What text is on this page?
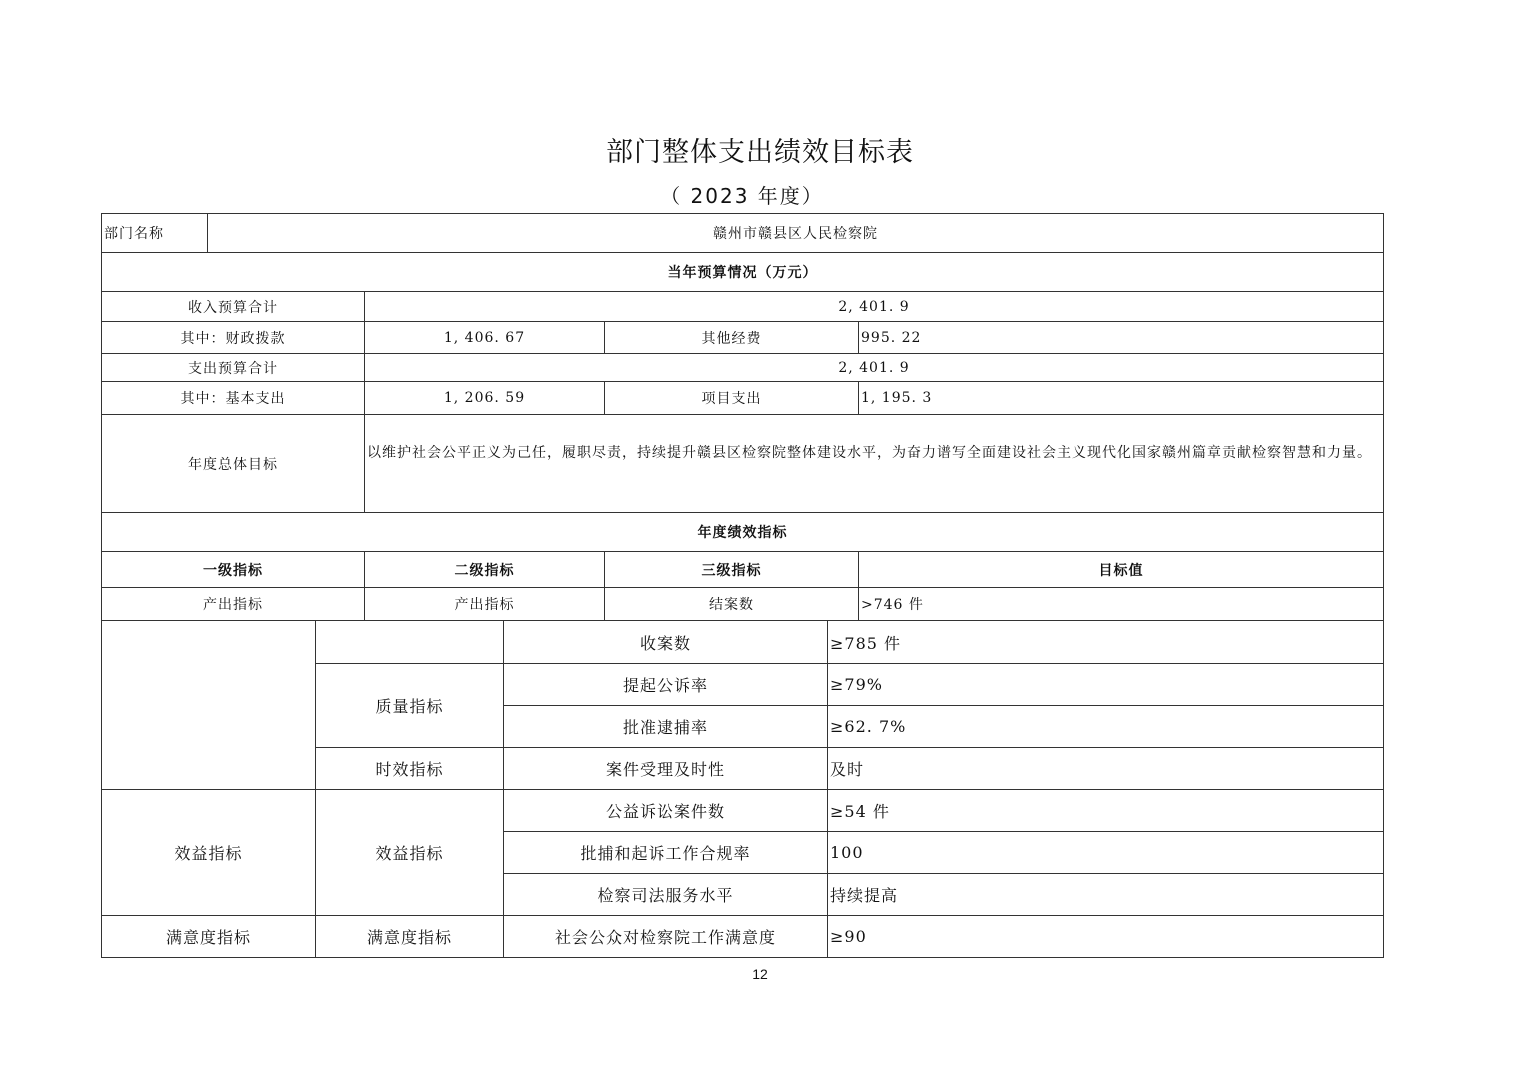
部门整体支出绩效目标表
（ 2023 年度）
部门名称	赣州市赣县区人民检察院			
当年预算情况（万元）				
收入预算合计		2, 401. 9		
其中：财政拨款		1, 406. 67	其他经费	995. 22
支出预算合计		2, 401. 9		
其中：基本支出		1, 206. 59	项目支出	1, 195. 3
年度总体目标		以维护社会公平正义为己任，履职尽责，持续提升赣县区检察院整体建设水平，为奋力谱写全面建设社会主义现代化国家赣州篇章贡献检察智慧和力量。		
年度绩效指标				
一级指标		二级指标	三级指标	目标值
产出指标		产出指标	结案数	>746 件
		收案数	≥785 件
	质量指标	提起公诉率	≥79%
		批准逮捕率	≥62. 7%
	时效指标	案件受理及时性	及时
效益指标	效益指标	公益诉讼案件数	≥54 件
		批捕和起诉工作合规率	100
		检察司法服务水平	持续提高
满意度指标	满意度指标	社会公众对检察院工作满意度	≥90
12
